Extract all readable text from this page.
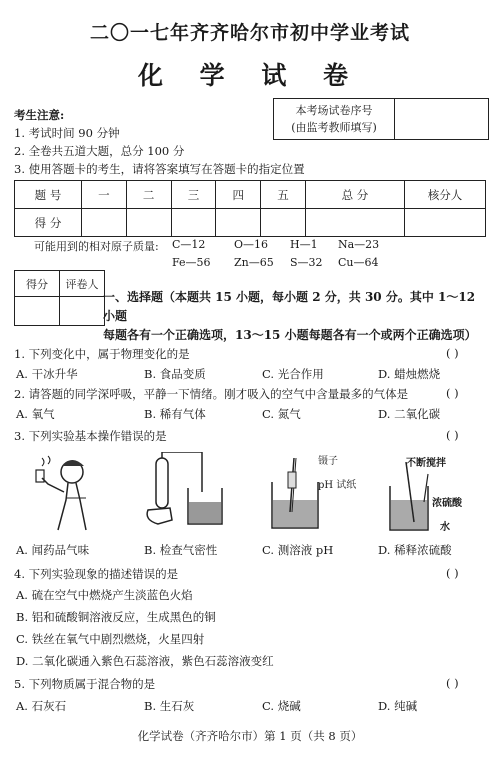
二〇一七年齐齐哈尔市初中学业考试
化 学 试 卷
考生注意:
1. 考试时间 90 分钟
2. 全卷共五道大题，总分 100 分
3. 使用答题卡的考生，请将答案填写在答题卡的指定位置
本考场试卷序号
(由监考教师填写)
题 号	一	二	三	四	五	总 分	核分人
得 分							
可能用到的相对原子质量: C—12	O—16 H—1 Na—23
Fe—56 Zn—65 S—32 Cu—64
得分	评卷人

一、选择题（本题共 15 小题，每小题 2 分，共 30 分。其中 1～12 小题
每题各有一个正确选项，13～15 小题每题各有一个或两个正确选项）
1. 下列变化中，属于物理变化的是	( )
A. 干冰升华	B. 食品变质	C. 光合作用	D. 蜡烛燃烧
2. 请答题的同学深呼吸，平静一下情绪。刚才吸入的空气中含量最多的气体是	( )
A. 氧气	B. 稀有气体	C. 氮气	D. 二氧化碳
3. 下列实验基本操作错误的是	( )
镊子
pH 试纸
不断搅拌
浓硫酸
水
A. 闻药品气味	B. 检查气密性	C. 测溶液 pH	D. 稀释浓硫酸
4. 下列实验现象的描述错误的是	( )
A. 硫在空气中燃烧产生淡蓝色火焰
B. 铝和硫酸铜溶液反应，生成黑色的铜
C. 铁丝在氧气中剧烈燃烧，火星四射
D. 二氧化碳通入紫色石蕊溶液，紫色石蕊溶液变红
5. 下列物质属于混合物的是	( )
A. 石灰石	B. 生石灰	C. 烧碱	D. 纯碱
化学试卷（齐齐哈尔市）第 1 页（共 8 页）
